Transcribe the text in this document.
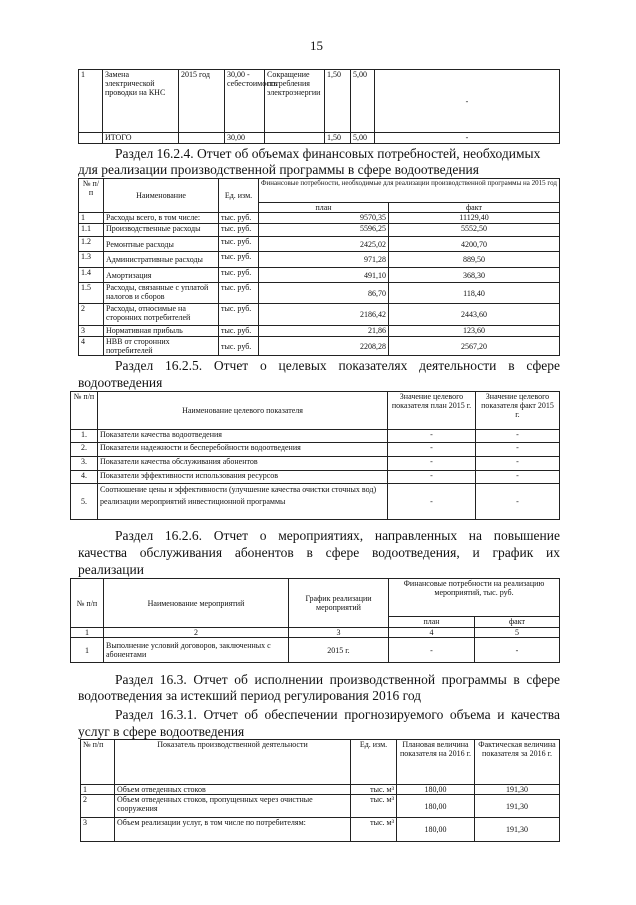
15
1	Замена электрической проводки на КНС	2015 год	30,00 - себестоимость	Сокращение потребления электроэнергии	1,50	5,00	-
	ИТОГО		30,00		1,50	5,00	-
Раздел 16.2.4. Отчет об объемах финансовых потребностей, необходимых
для реализации производственной программы в сфере водоотведения
№ п/п	Наименование	Ед. изм.	Финансовые потребности, необходимые для реализации производственной программы на 2015 год	
			план	факт
1	Расходы всего, в том числе:	тыс. руб.	9570,35	11129,40
1.1	Производственные расходы	тыс. руб.	5596,25	5552,50
1.2	Ремонтные расходы	тыс. руб.	2425,02	4200,70
1.3	Административные расходы	тыс. руб.	971,28	889,50
1.4	Амортизация	тыс. руб.	491,10	368,30
1.5	Расходы, связанные с уплатой налогов и сборов	тыс. руб.	86,70	118,40
2	Расходы, относимые на сторонних потребителей	тыс. руб.	2186,42	2443,60
3	Нормативная прибыль	тыс. руб.	21,86	123,60
4	НВВ от сторонних потребителей	тыс. руб.	2208,28	2567,20
Раздел 16.2.5. Отчет о целевых показателях деятельности в сфере
водоотведения
№ п/п	Наименование целевого показателя	Значение целевого показателя план 2015 г.	Значение целевого показателя факт 2015 г.
1.	Показатели качества водоотведения	-	-
2.	Показатели надежности и бесперебойности водоотведения	-	-
3.	Показатели качества обслуживания абонентов	-	-
4.	Показатели эффективности использования ресурсов	-	-
5.	Соотношение цены и эффективности (улучшение качества очистки сточных вод) реализации мероприятий инвестиционной программы	-	-
Раздел 16.2.6. Отчет о мероприятиях, направленных на повышение
качества обслуживания абонентов в сфере водоотведения, и график их
реализации
№ п/п	Наименование мероприятий	График реализации мероприятий	Финансовые потребности на реализацию мероприятий, тыс. руб.	
			план	факт
1	2	3	4	5
1	Выполнение условий договоров, заключенных с абонентами	2015 г.	-	-
Раздел 16.3. Отчет об исполнении производственной программы в сфере
водоотведения за истекший период регулирования 2016 год
Раздел 16.3.1. Отчет об обеспечении прогнозируемого объема и качества
услуг в сфере водоотведения
№ п/п	Показатель производственной деятельности	Ед. изм.	Плановая величина показателя на 2016 г.	Фактическая величина показателя за 2016 г.
1	Объем отведенных стоков	тыс. м³	180,00	191,30
2	Объем отведенных стоков, пропущенных через очистные сооружения	тыс. м³	180,00	191,30
3	Объем реализации услуг, в том числе по потребителям:	тыс. м³	180,00	191,30
